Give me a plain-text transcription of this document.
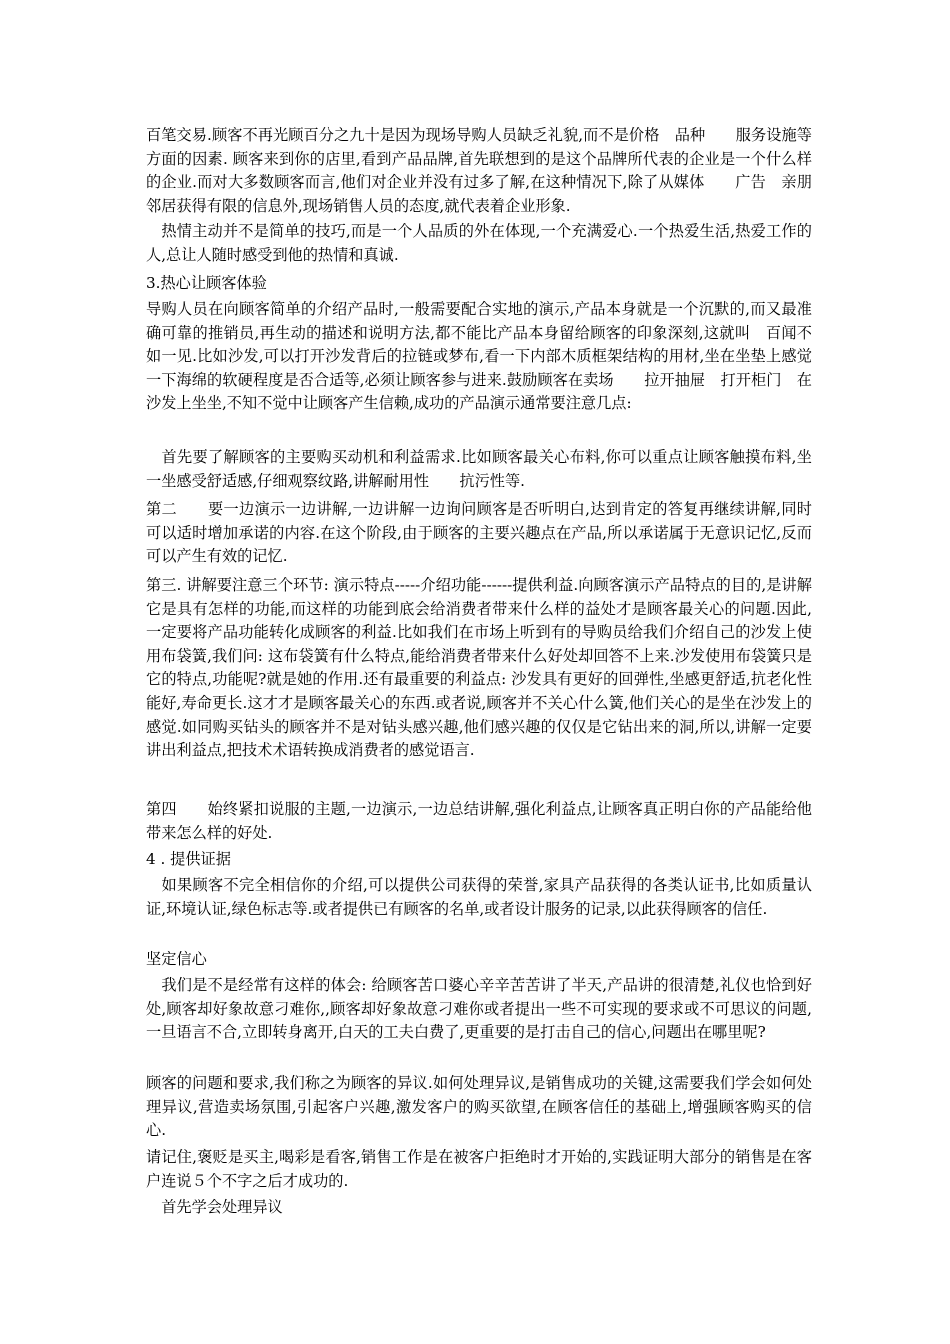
百笔交易.顾客不再光顾百分之九十是因为现场导购人员缺乏礼貌,而不是价格　品种　　服务设施等方面的因素. 顾客来到你的店里,看到产品品牌,首先联想到的是这个品牌所代表的企业是一个什么样的企业.而对大多数顾客而言,他们对企业并没有过多了解,在这种情况下,除了从媒体　　广告　亲朋邻居获得有限的信息外,现场销售人员的态度,就代表着企业形象.

　热情主动并不是简单的技巧,而是一个人品质的外在体现,一个充满爱心.一个热爱生活,热爱工作的人,总让人随时感受到他的热情和真诚.

3.热心让顾客体验

导购人员在向顾客简单的介绍产品时,一般需要配合实地的演示,产品本身就是一个沉默的,而又最准确可靠的推销员,再生动的描述和说明方法,都不能比产品本身留给顾客的印象深刻,这就叫　百闻不如一见.比如沙发,可以打开沙发背后的拉链或梦布,看一下内部木质框架结构的用材,坐在坐垫上感觉一下海绵的软硬程度是否合适等,必须让顾客参与进来.鼓励顾客在卖场　　拉开抽屉　打开柜门　在沙发上坐坐,不知不觉中让顾客产生信赖,成功的产品演示通常要注意几点:

　首先要了解顾客的主要购买动机和利益需求.比如顾客最关心布料,你可以重点让顾客触摸布料,坐一坐感受舒适感,仔细观察纹路,讲解耐用性　　抗污性等.

第二　　要一边演示一边讲解,一边讲解一边询问顾客是否听明白,达到肯定的答复再继续讲解,同时可以适时增加承诺的内容.在这个阶段,由于顾客的主要兴趣点在产品,所以承诺属于无意识记忆,反而可以产生有效的记忆.

第三. 讲解要注意三个环节: 演示特点-----介绍功能------提供利益.向顾客演示产品特点的目的,是讲解它是具有怎样的功能,而这样的功能到底会给消费者带来什么样的益处才是顾客最关心的问题.因此,一定要将产品功能转化成顾客的利益.比如我们在市场上听到有的导购员给我们介绍自己的沙发上使用布袋簧,我们问: 这布袋簧有什么特点,能给消费者带来什么好处却回答不上来.沙发使用布袋簧只是它的特点,功能呢?就是她的作用.还有最重要的利益点: 沙发具有更好的回弹性,坐感更舒适,抗老化性能好,寿命更长.这才才是顾客最关心的东西.或者说,顾客并不关心什么簧,他们关心的是坐在沙发上的感觉.如同购买钻头的顾客并不是对钻头感兴趣,他们感兴趣的仅仅是它钻出来的洞,所以,讲解一定要讲出利益点,把技术术语转换成消费者的感觉语言.

第四　　始终紧扣说服的主题,一边演示,一边总结讲解,强化利益点,让顾客真正明白你的产品能给他带来怎么样的好处.

4 . 提供证据

　如果顾客不完全相信你的介绍,可以提供公司获得的荣誉,家具产品获得的各类认证书,比如质量认证,环境认证,绿色标志等.或者提供已有顾客的名单,或者设计服务的记录,以此获得顾客的信任.

坚定信心

　我们是不是经常有这样的体会: 给顾客苦口婆心辛辛苦苦讲了半天,产品讲的很清楚,礼仪也恰到好处,顾客却好象故意刁难你,,顾客却好象故意刁难你或者提出一些不可实现的要求或不可思议的问题,一旦语言不合,立即转身离开,白天的工夫白费了,更重要的是打击自己的信心,问题出在哪里呢?

顾客的问题和要求,我们称之为顾客的异议.如何处理异议,是销售成功的关键,这需要我们学会如何处理异议,营造卖场氛围,引起客户兴趣,激发客户的购买欲望,在顾客信任的基础上,增强顾客购买的信心.

请记住,褒贬是买主,喝彩是看客,销售工作是在被客户拒绝时才开始的,实践证明大部分的销售是在客户连说５个不字之后才成功的.

　首先学会处理异议
